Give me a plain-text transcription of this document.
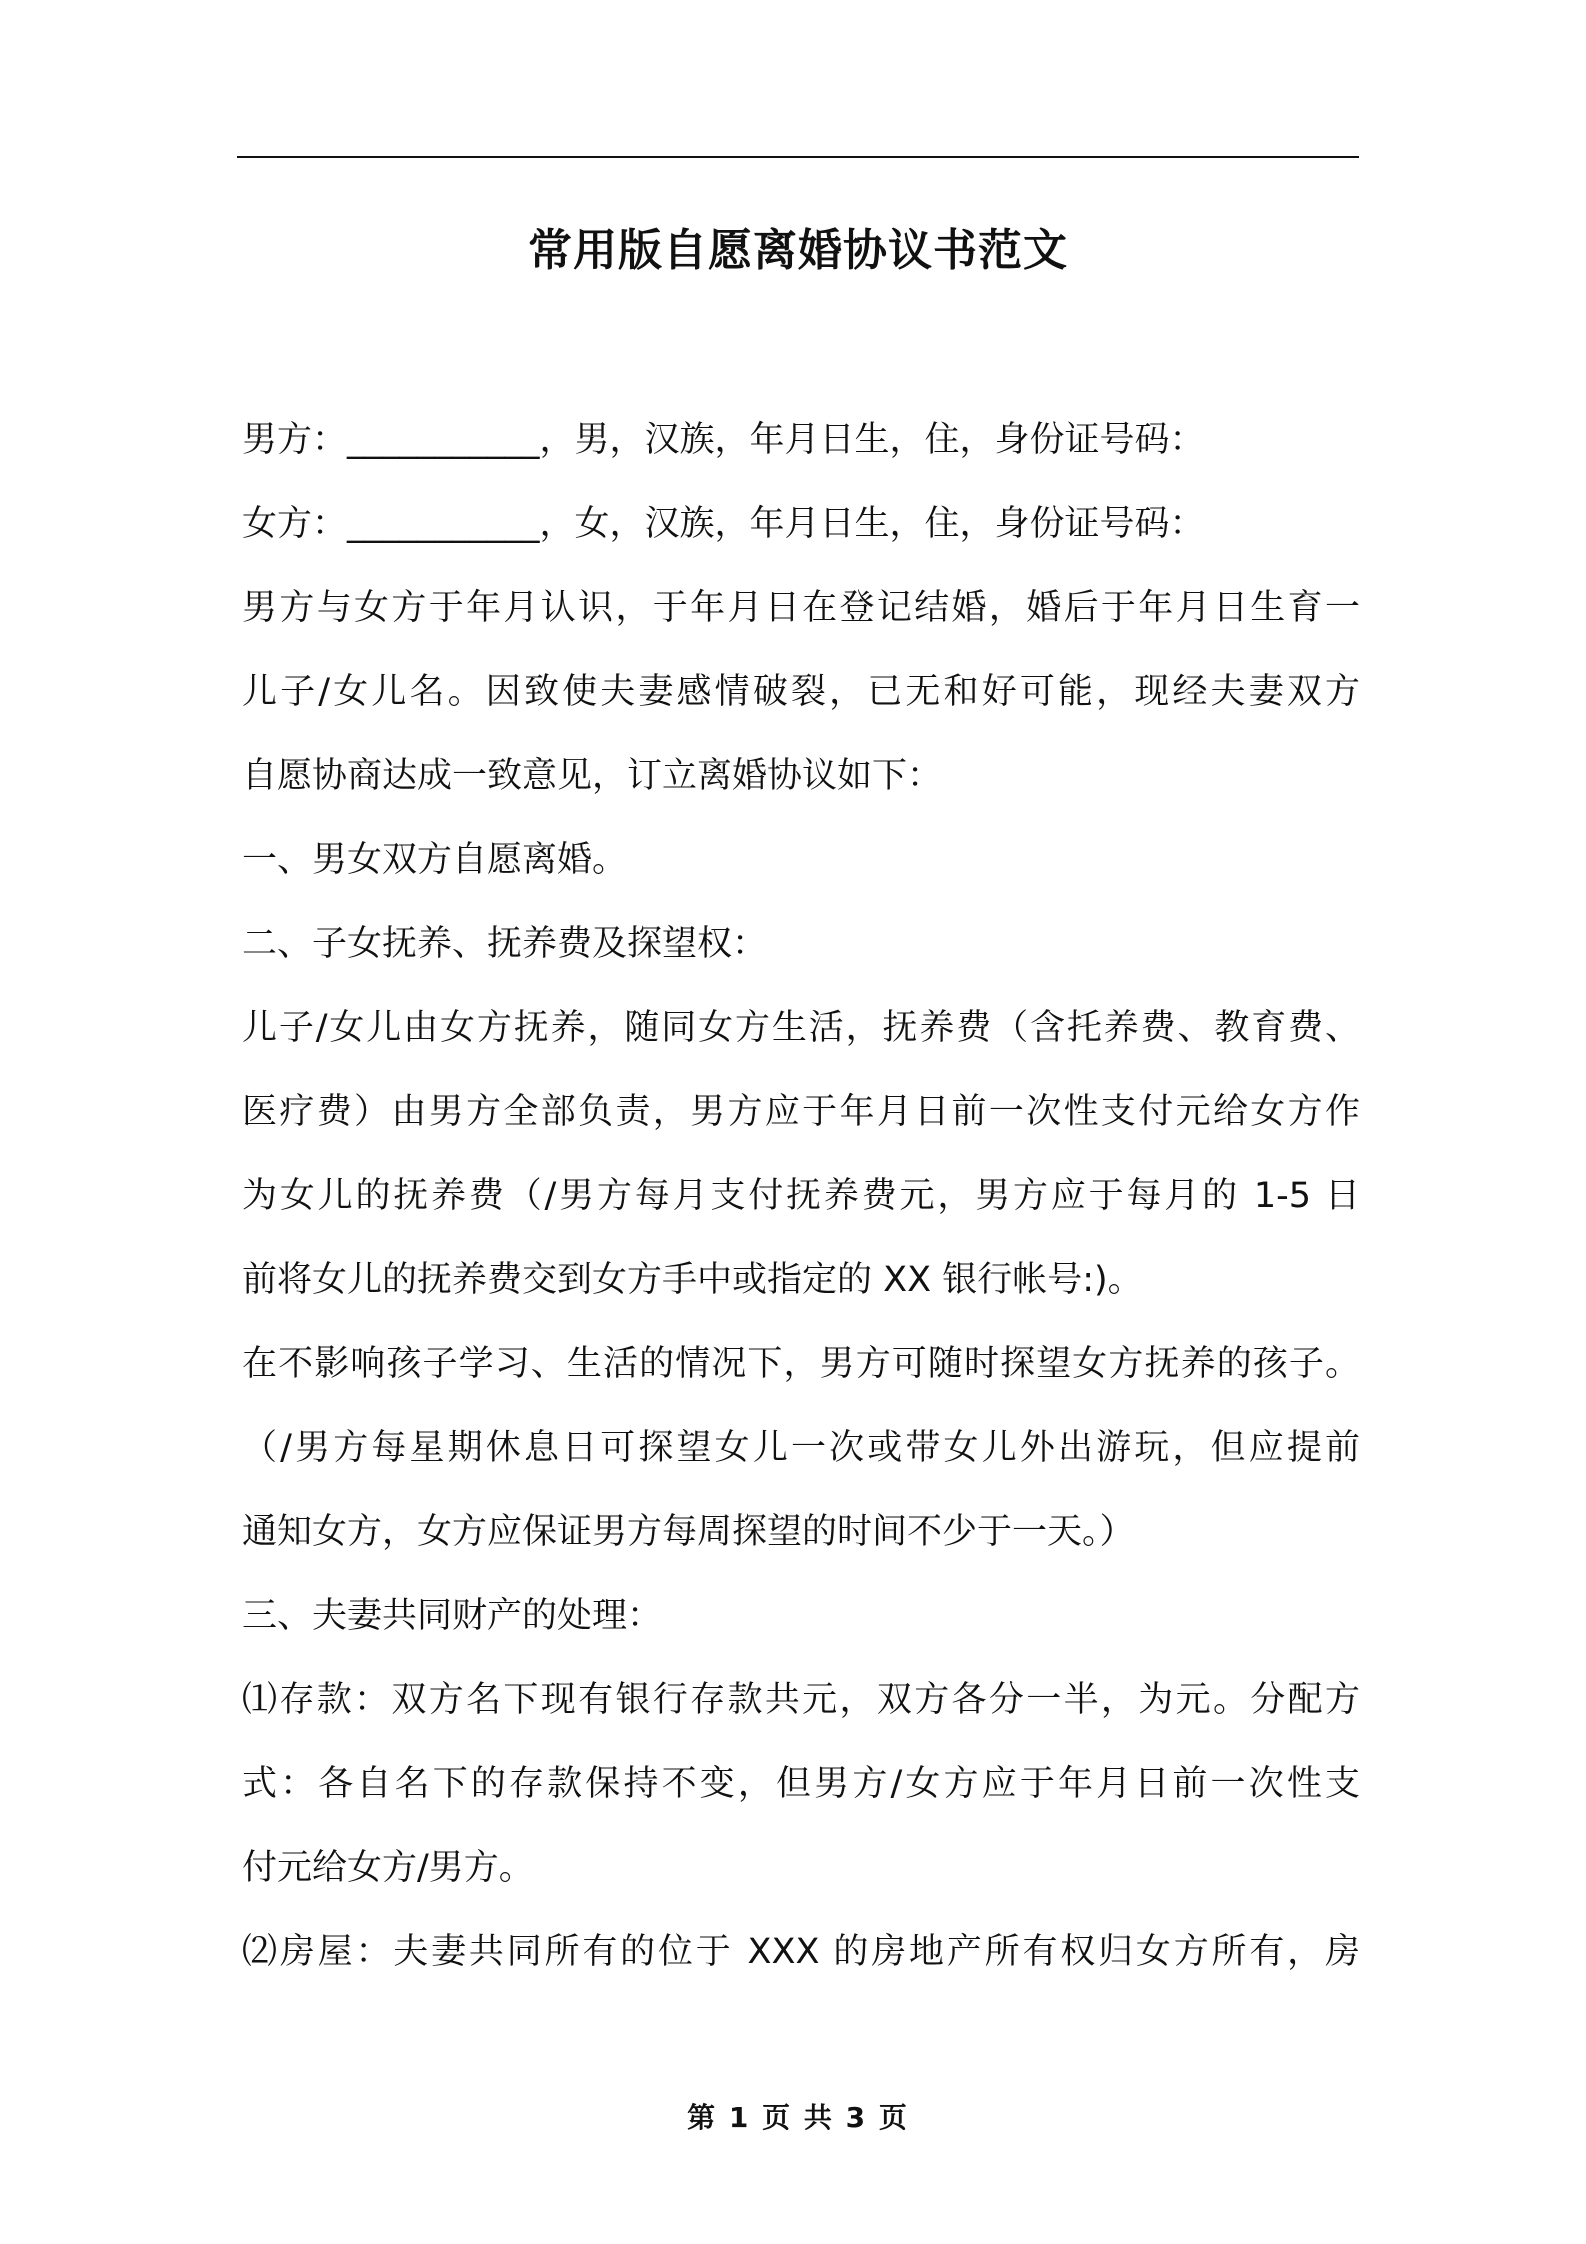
常用版自愿离婚协议书范文
男方：___________，男，汉族，年月日生，住，身份证号码：
女方：___________，女，汉族，年月日生，住，身份证号码：
男方与女方于年月认识，于年月日在登记结婚，婚后于年月日生育一
儿子/女儿名。因致使夫妻感情破裂，已无和好可能，现经夫妻双方
自愿协商达成一致意见，订立离婚协议如下：
一、男女双方自愿离婚。
二、子女抚养、抚养费及探望权：
儿子/女儿由女方抚养，随同女方生活，抚养费（含托养费、教育费、
医疗费）由男方全部负责，男方应于年月日前一次性支付元给女方作
为女儿的抚养费（/男方每月支付抚养费元，男方应于每月的 1-5 日
前将女儿的抚养费交到女方手中或指定的 XX 银行帐号:)。
在不影响孩子学习、生活的情况下，男方可随时探望女方抚养的孩子。
（/男方每星期休息日可探望女儿一次或带女儿外出游玩，但应提前
通知女方，女方应保证男方每周探望的时间不少于一天。）
三、夫妻共同财产的处理：
⑴存款：双方名下现有银行存款共元，双方各分一半，为元。分配方
式：各自名下的存款保持不变，但男方/女方应于年月日前一次性支
付元给女方/男方。
⑵房屋：夫妻共同所有的位于 XXX 的房地产所有权归女方所有，房
第 1 页 共 3 页
